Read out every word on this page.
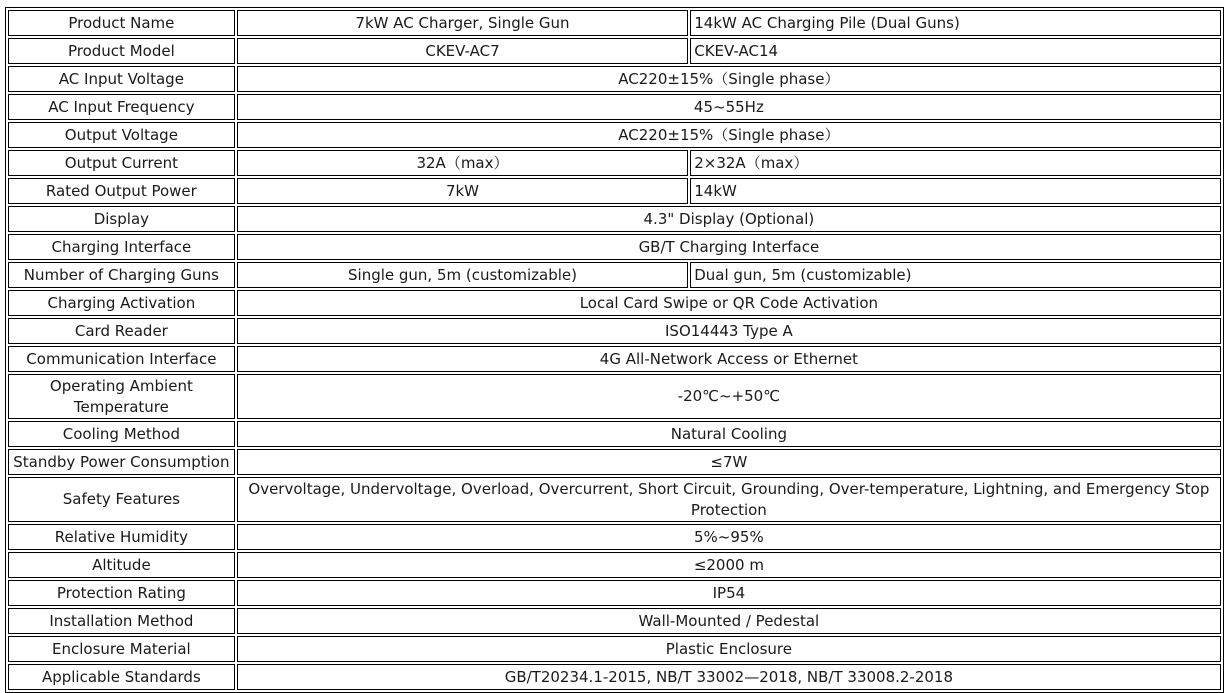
Product Name	7kW AC Charger, Single Gun	14kW AC Charging Pile (Dual Guns)
Product Model	CKEV-AC7	CKEV-AC14
AC Input Voltage	AC220±15%（Single phase）	
AC Input Frequency	45~55Hz	
Output Voltage	AC220±15%（Single phase）	
Output Current	32A（max）	2×32A（max）
Rated Output Power	7kW	14kW
Display	4.3" Display (Optional)	
Charging Interface	GB/T Charging Interface	
Number of Charging Guns	Single gun, 5m (customizable)	Dual gun, 5m (customizable)
Charging Activation	Local Card Swipe or QR Code Activation	
Card Reader	ISO14443 Type A	
Communication Interface	4G All-Network Access or Ethernet	
Operating Ambient Temperature	-20℃~+50℃	
Cooling Method	Natural Cooling	
Standby Power Consumption	≤7W	
Safety Features	Overvoltage, Undervoltage, Overload, Overcurrent, Short Circuit, Grounding, Over-temperature, Lightning, and Emergency Stop Protection	
Relative Humidity	5%~95%	
Altitude	≤2000 m	
Protection Rating	IP54	
Installation Method	Wall-Mounted / Pedestal	
Enclosure Material	Plastic Enclosure	
Applicable Standards	GB/T20234.1-2015, NB/T 33002—2018, NB/T 33008.2-2018	
